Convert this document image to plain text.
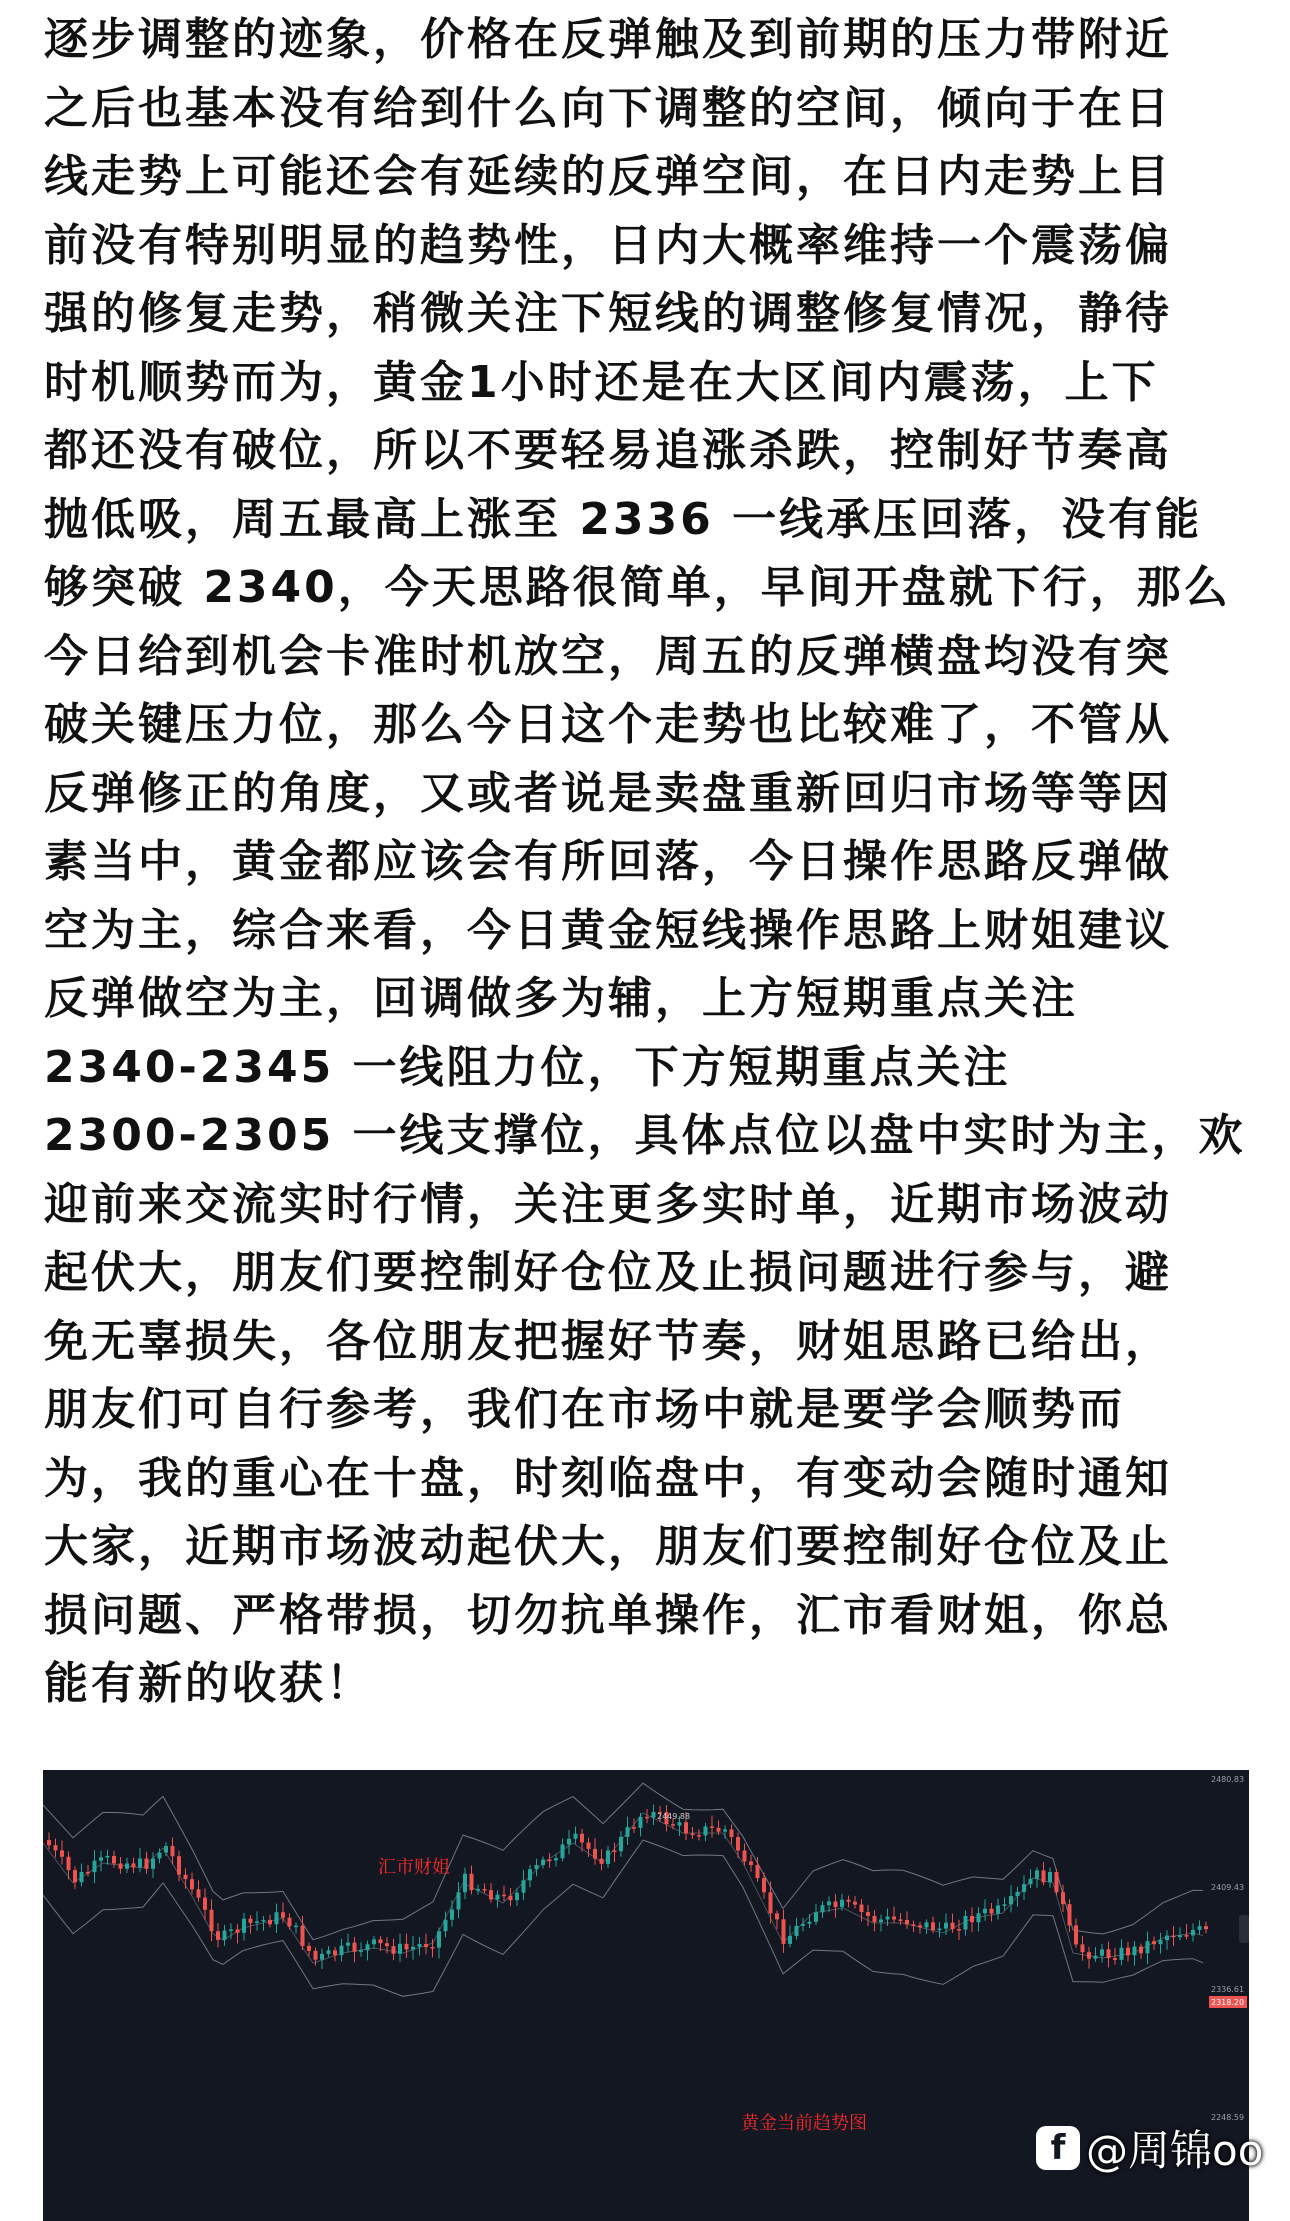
逐步调整的迹象，价格在反弹触及到前期的压力带附近
之后也基本没有给到什么向下调整的空间，倾向于在日
线走势上可能还会有延续的反弹空间，在日内走势上目
前没有特别明显的趋势性，日内大概率维持一个震荡偏
强的修复走势，稍微关注下短线的调整修复情况，静待
时机顺势而为，黄金1小时还是在大区间内震荡，上下
都还没有破位，所以不要轻易追涨杀跌，控制好节奏高
抛低吸，周五最高上涨至 2336 一线承压回落，没有能
够突破 2340，今天思路很简单，早间开盘就下行，那么
今日给到机会卡准时机放空，周五的反弹横盘均没有突
破关键压力位，那么今日这个走势也比较难了，不管从
反弹修正的角度，又或者说是卖盘重新回归市场等等因
素当中，黄金都应该会有所回落，今日操作思路反弹做
空为主，综合来看，今日黄金短线操作思路上财姐建议
反弹做空为主，回调做多为辅，上方短期重点关注
2340-2345 一线阻力位，下方短期重点关注
2300-2305 一线支撑位，具体点位以盘中实时为主，欢
迎前来交流实时行情，关注更多实时单，近期市场波动
起伏大，朋友们要控制好仓位及止损问题进行参与，避
免无辜损失，各位朋友把握好节奏，财姐思路已给出，
朋友们可自行参考，我们在市场中就是要学会顺势而
为，我的重心在十盘，时刻临盘中，有变动会随时通知
大家，近期市场波动起伏大，朋友们要控制好仓位及止
损问题、严格带损，切勿抗单操作，汇市看财姐，你总
能有新的收获！
汇市财姐
黄金当前趋势图
2449.88
2480.83
2409.43
2336.61
2318.20
2248.59
f @周锦oo
